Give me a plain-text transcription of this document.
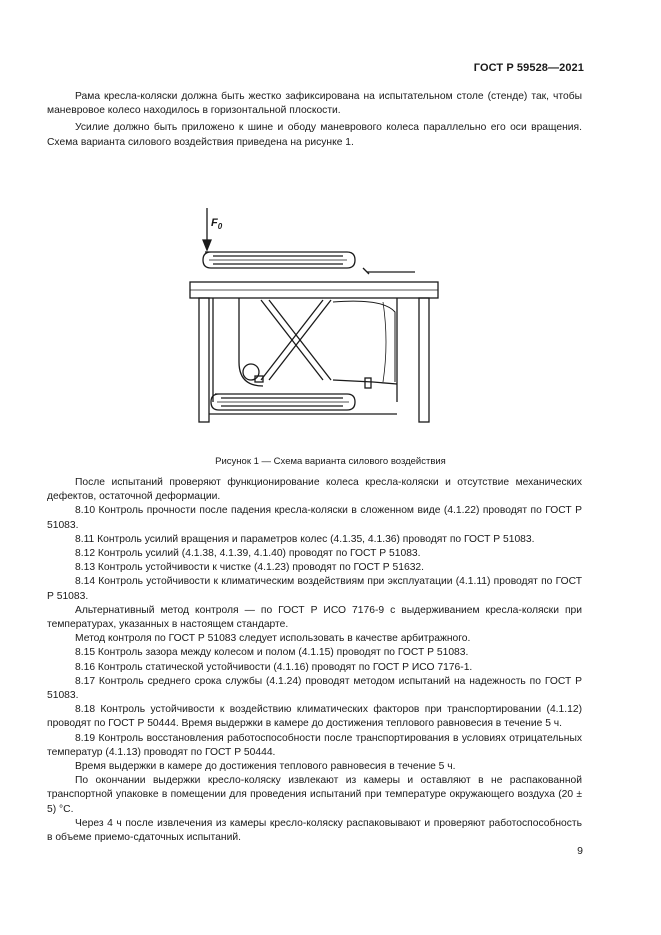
ГОСТ Р 59528—2021

Рама кресла-коляски должна быть жестко зафиксирована на испытательном столе (стенде) так, чтобы маневровое колесо находилось в горизонтальной плоскости.

Усилие должно быть приложено к шине и ободу маневрового колеса параллельно его оси вращения. Схема варианта силового воздействия приведена на рисунке 1.

$F_0$
Рисунок 1 — Схема варианта силового воздействия

После испытаний проверяют функционирование колеса кресла-коляски и отсутствие механических дефектов, остаточной деформации.

8.10 Контроль прочности после падения кресла-коляски в сложенном виде (4.1.22) проводят по ГОСТ Р 51083.

8.11 Контроль усилий вращения и параметров колес (4.1.35, 4.1.36) проводят по ГОСТ Р 51083.

8.12 Контроль усилий (4.1.38, 4.1.39, 4.1.40) проводят по ГОСТ Р 51083.

8.13 Контроль устойчивости к чистке (4.1.23) проводят по ГОСТ Р 51632.

8.14 Контроль устойчивости к климатическим воздействиям при эксплуатации (4.1.11) проводят по ГОСТ Р 51083.

Альтернативный метод контроля — по ГОСТ Р ИСО 7176-9 с выдерживанием кресла-коляски при температурах, указанных в настоящем стандарте.

Метод контроля по ГОСТ Р 51083 следует использовать в качестве арбитражного.

8.15 Контроль зазора между колесом и полом (4.1.15) проводят по ГОСТ Р 51083.

8.16 Контроль статической устойчивости (4.1.16) проводят по ГОСТ Р ИСО 7176-1.

8.17 Контроль среднего срока службы (4.1.24) проводят методом испытаний на надежность по ГОСТ Р 51083.

8.18 Контроль устойчивости к воздействию климатических факторов при транспортировании (4.1.12) проводят по ГОСТ Р 50444. Время выдержки в камере до достижения теплового равновесия в течение 5 ч.

8.19 Контроль восстановления работоспособности после транспортирования в условиях отрицательных температур (4.1.13) проводят по ГОСТ Р 50444.

Время выдержки в камере до достижения теплового равновесия в течение 5 ч.

По окончании выдержки кресло-коляску извлекают из камеры и оставляют в не распакованной транспортной упаковке в помещении для проведения испытаний при температуре окружающего воздуха (20 ± 5) °С.

Через 4 ч после извлечения из камеры кресло-коляску распаковывают и проверяют работоспособность в объеме приемо-сдаточных испытаний.

9
